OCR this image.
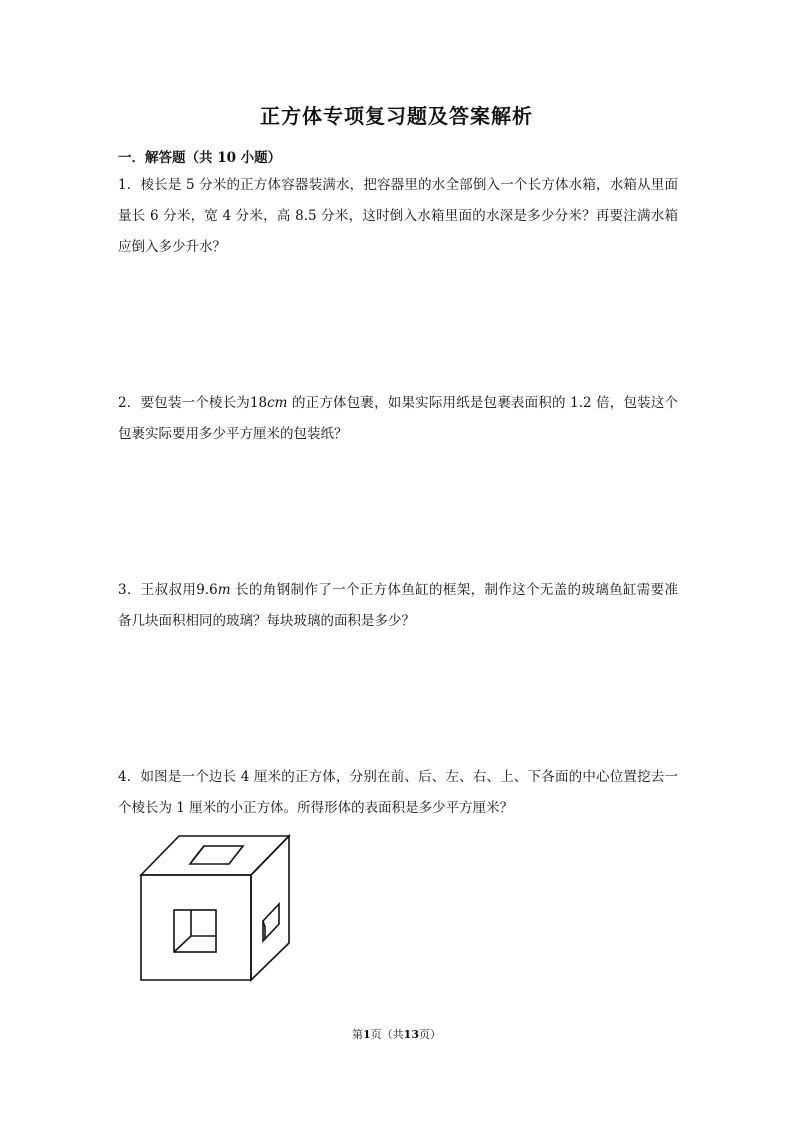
正方体专项复习题及答案解析
一．解答题（共 10 小题）
1．棱长是 5 分米的正方体容器装满水，把容器里的水全部倒入一个长方体水箱，水箱从里面量长 6 分米，宽 4 分米，高 8.5 分米，这时倒入水箱里面的水深是多少分米？再要注满水箱应倒入多少升水？
2．要包装一个棱长为18cm 的正方体包裹，如果实际用纸是包裹表面积的 1.2 倍，包装这个包裹实际要用多少平方厘米的包装纸？
3．王叔叔用9.6m 长的角钢制作了一个正方体鱼缸的框架，制作这个无盖的玻璃鱼缸需要准备几块面积相同的玻璃？每块玻璃的面积是多少？
4．如图是一个边长 4 厘米的正方体，分别在前、后、左、右、上、下各面的中心位置挖去一个棱长为 1 厘米的小正方体。所得形体的表面积是多少平方厘米？
第1页（共13页）
